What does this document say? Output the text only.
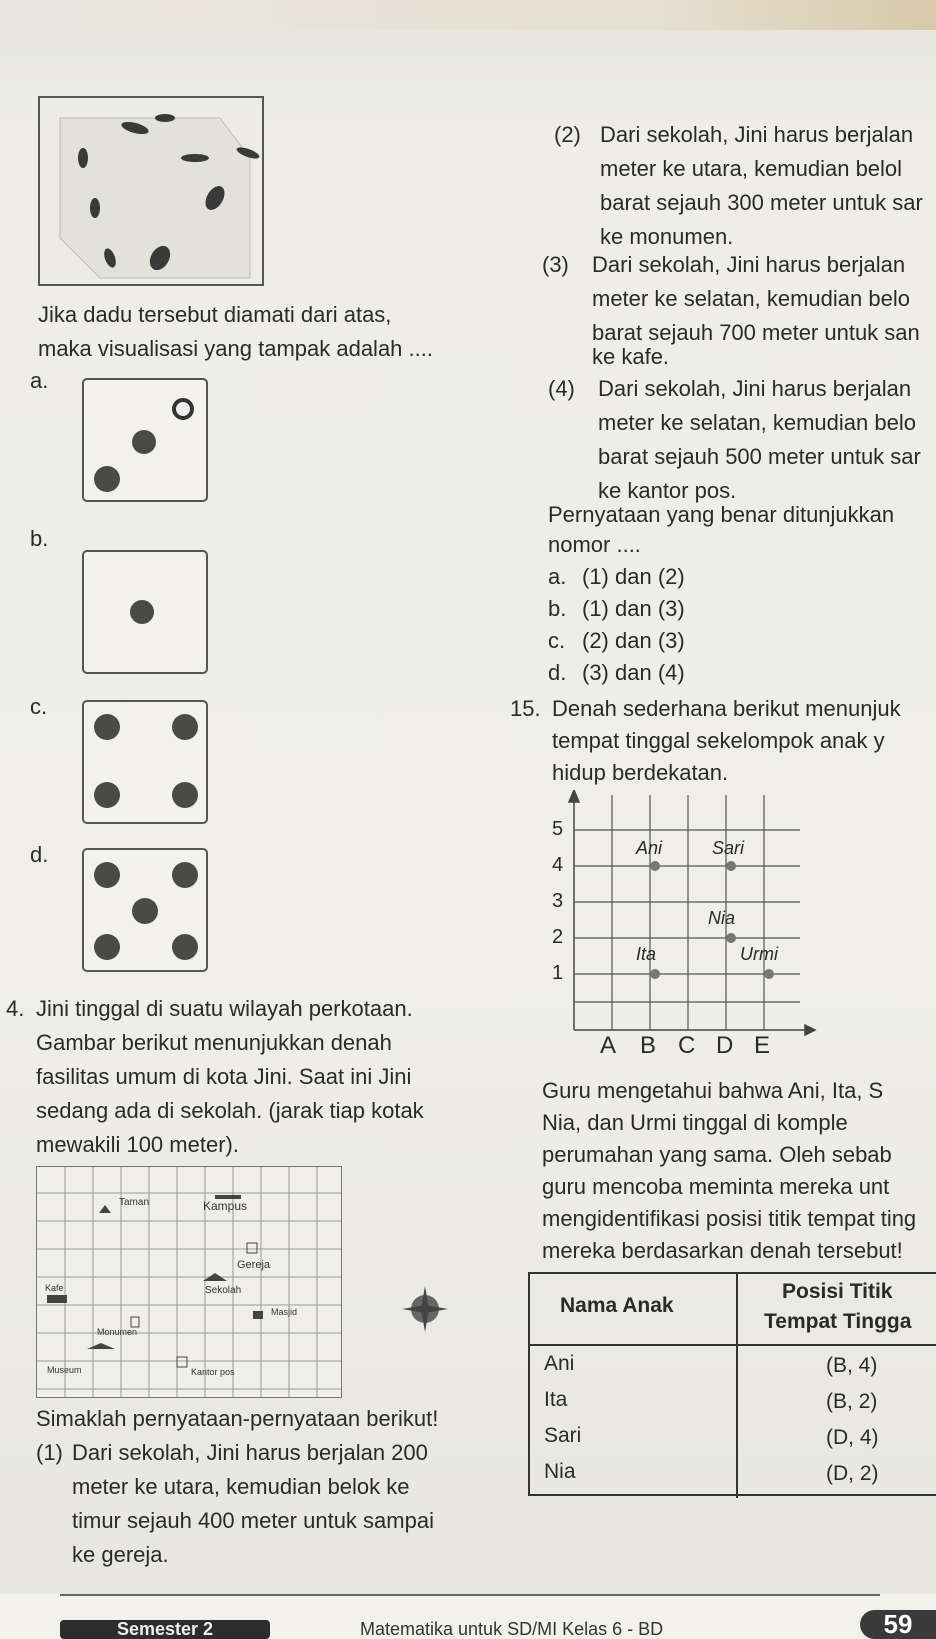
Jika dadu tersebut diamati dari atas,
maka visualisasi yang tampak adalah ....
a.
b.
c.
d.
4. Jini tinggal di suatu wilayah perkotaan.
Gambar berikut menunjukkan denah
fasilitas umum di kota Jini. Saat ini Jini
sedang ada di sekolah. (jarak tiap kotak
mewakili 100 meter).
Taman	Kampus
Gereja
Kafe	Sekolah
Masjid
Monumen
Museum	Kantor pos
Simaklah pernyataan-pernyataan berikut!
(1) Dari sekolah, Jini harus berjalan 200
meter ke utara, kemudian belok ke
timur sejauh 400 meter untuk sampai
ke gereja.
(2) Dari sekolah, Jini harus berjalan
meter ke utara, kemudian belol
barat sejauh 300 meter untuk sar
ke monumen.
(3) Dari sekolah, Jini harus berjalan
meter ke selatan, kemudian belo
barat sejauh 700 meter untuk san
ke kafe.
(4) Dari sekolah, Jini harus berjalan
meter ke selatan, kemudian belo
barat sejauh 500 meter untuk sar
ke kantor pos.
Pernyataan yang benar ditunjukkan
nomor ....
a. (1) dan (2)
b. (1) dan (3)
c. (2) dan (3)
d. (3) dan (4)
15. Denah sederhana berikut menunjuk
tempat tinggal sekelompok anak y
hidup berdekatan.
5
4
3
2
1
A B C D E
Ani	Sari
Nia
Ita	Urmi
Guru mengetahui bahwa Ani, Ita, S
Nia, dan Urmi tinggal di komple
perumahan yang sama. Oleh sebab
guru mencoba meminta mereka unt
mengidentifikasi posisi titik tempat ting
mereka berdasarkan denah tersebut!
Nama Anak
Posisi Titik
Tempat Tingga
Ani	(B, 4)
Ita	(B, 2)
Sari	(D, 4)
Nia	(D, 2)
Semester 2	Matematika untuk SD/MI Kelas 6 - BD	59
